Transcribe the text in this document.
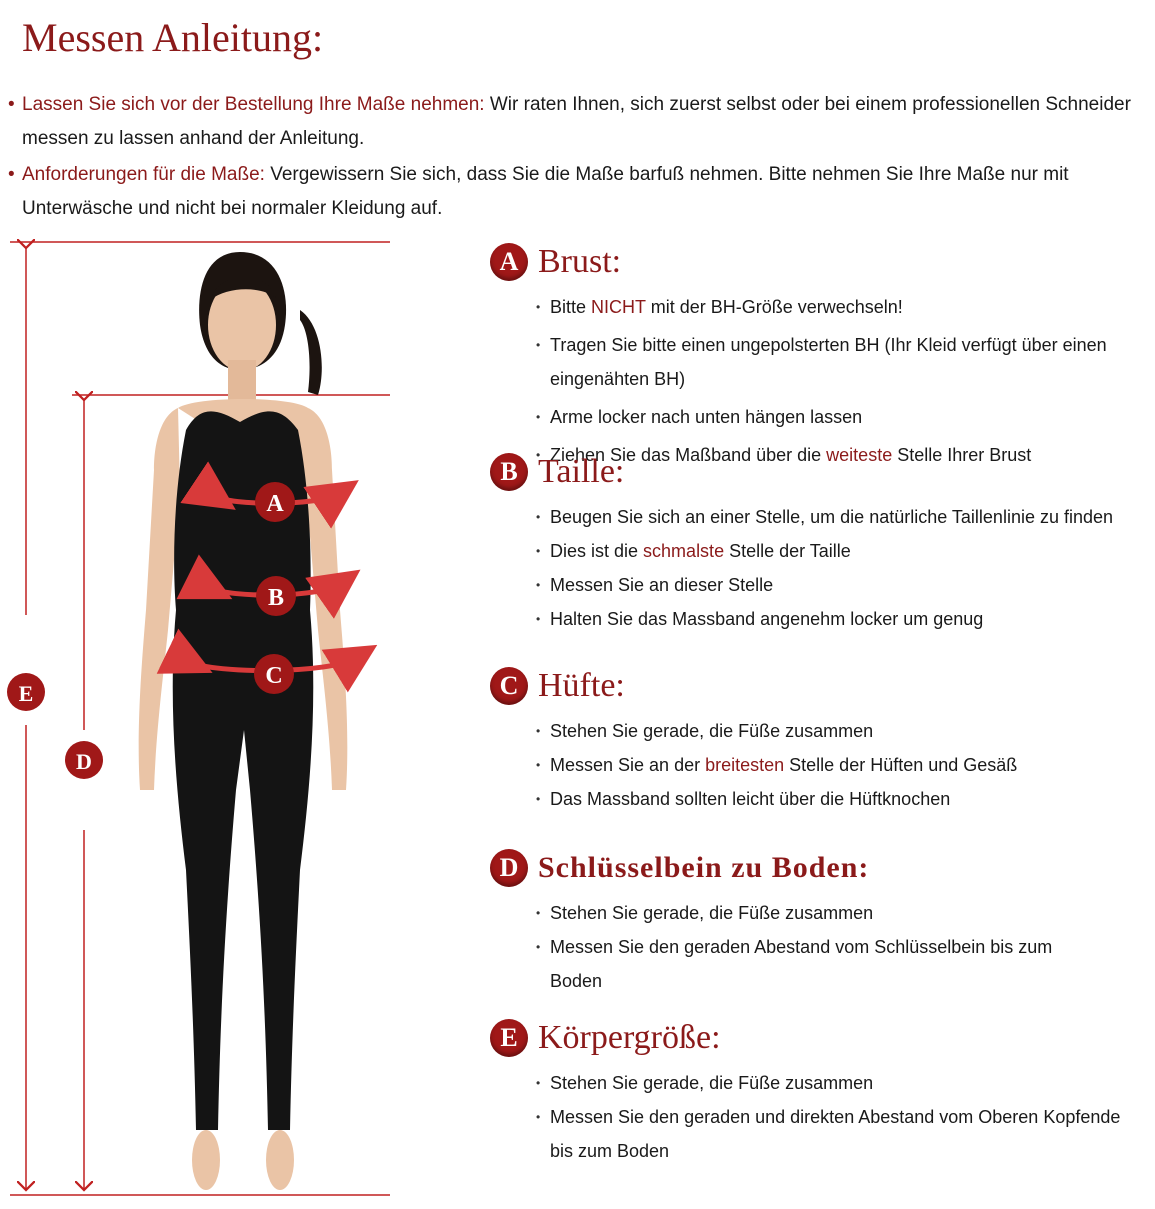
Messen Anleitung:
• Lassen Sie sich vor der Bestellung Ihre Maße nehmen: Wir raten Ihnen, sich zuerst selbst oder bei einem professionellen Schneider
messen zu lassen anhand der Anleitung.
• Anforderungen für die Maße: Vergewissern Sie sich, dass Sie die Maße barfuß nehmen. Bitte nehmen Sie Ihre Maße nur mit
Unterwäsche und nicht bei normaler Kleidung auf.
A
B
C
E
D
A Brust:
• Bitte NICHT mit der BH-Größe verwechseln!
• Tragen Sie bitte einen ungepolsterten BH (Ihr Kleid verfügt über einen eingenähten BH)
• Arme locker nach unten hängen lassen
• Ziehen Sie das Maßband über die weiteste Stelle Ihrer Brust
B Taille:
• Beugen Sie sich an einer Stelle, um die natürliche Taillenlinie zu finden
• Dies ist die schmalste Stelle der Taille
• Messen Sie an dieser Stelle
• Halten Sie das Massband angenehm locker um genug
C Hüfte:
• Stehen Sie gerade, die Füße zusammen
• Messen Sie an der breitesten Stelle der Hüften und Gesäß
• Das Massband sollten leicht über die Hüftknochen
D Schlüsselbein zu Boden:
• Stehen Sie gerade, die Füße zusammen
• Messen Sie den geraden Abestand vom Schlüsselbein bis zum Boden
E Körpergröße:
• Stehen Sie gerade, die Füße zusammen
• Messen Sie den geraden und direkten Abestand vom Oberen Kopfende bis zum Boden
